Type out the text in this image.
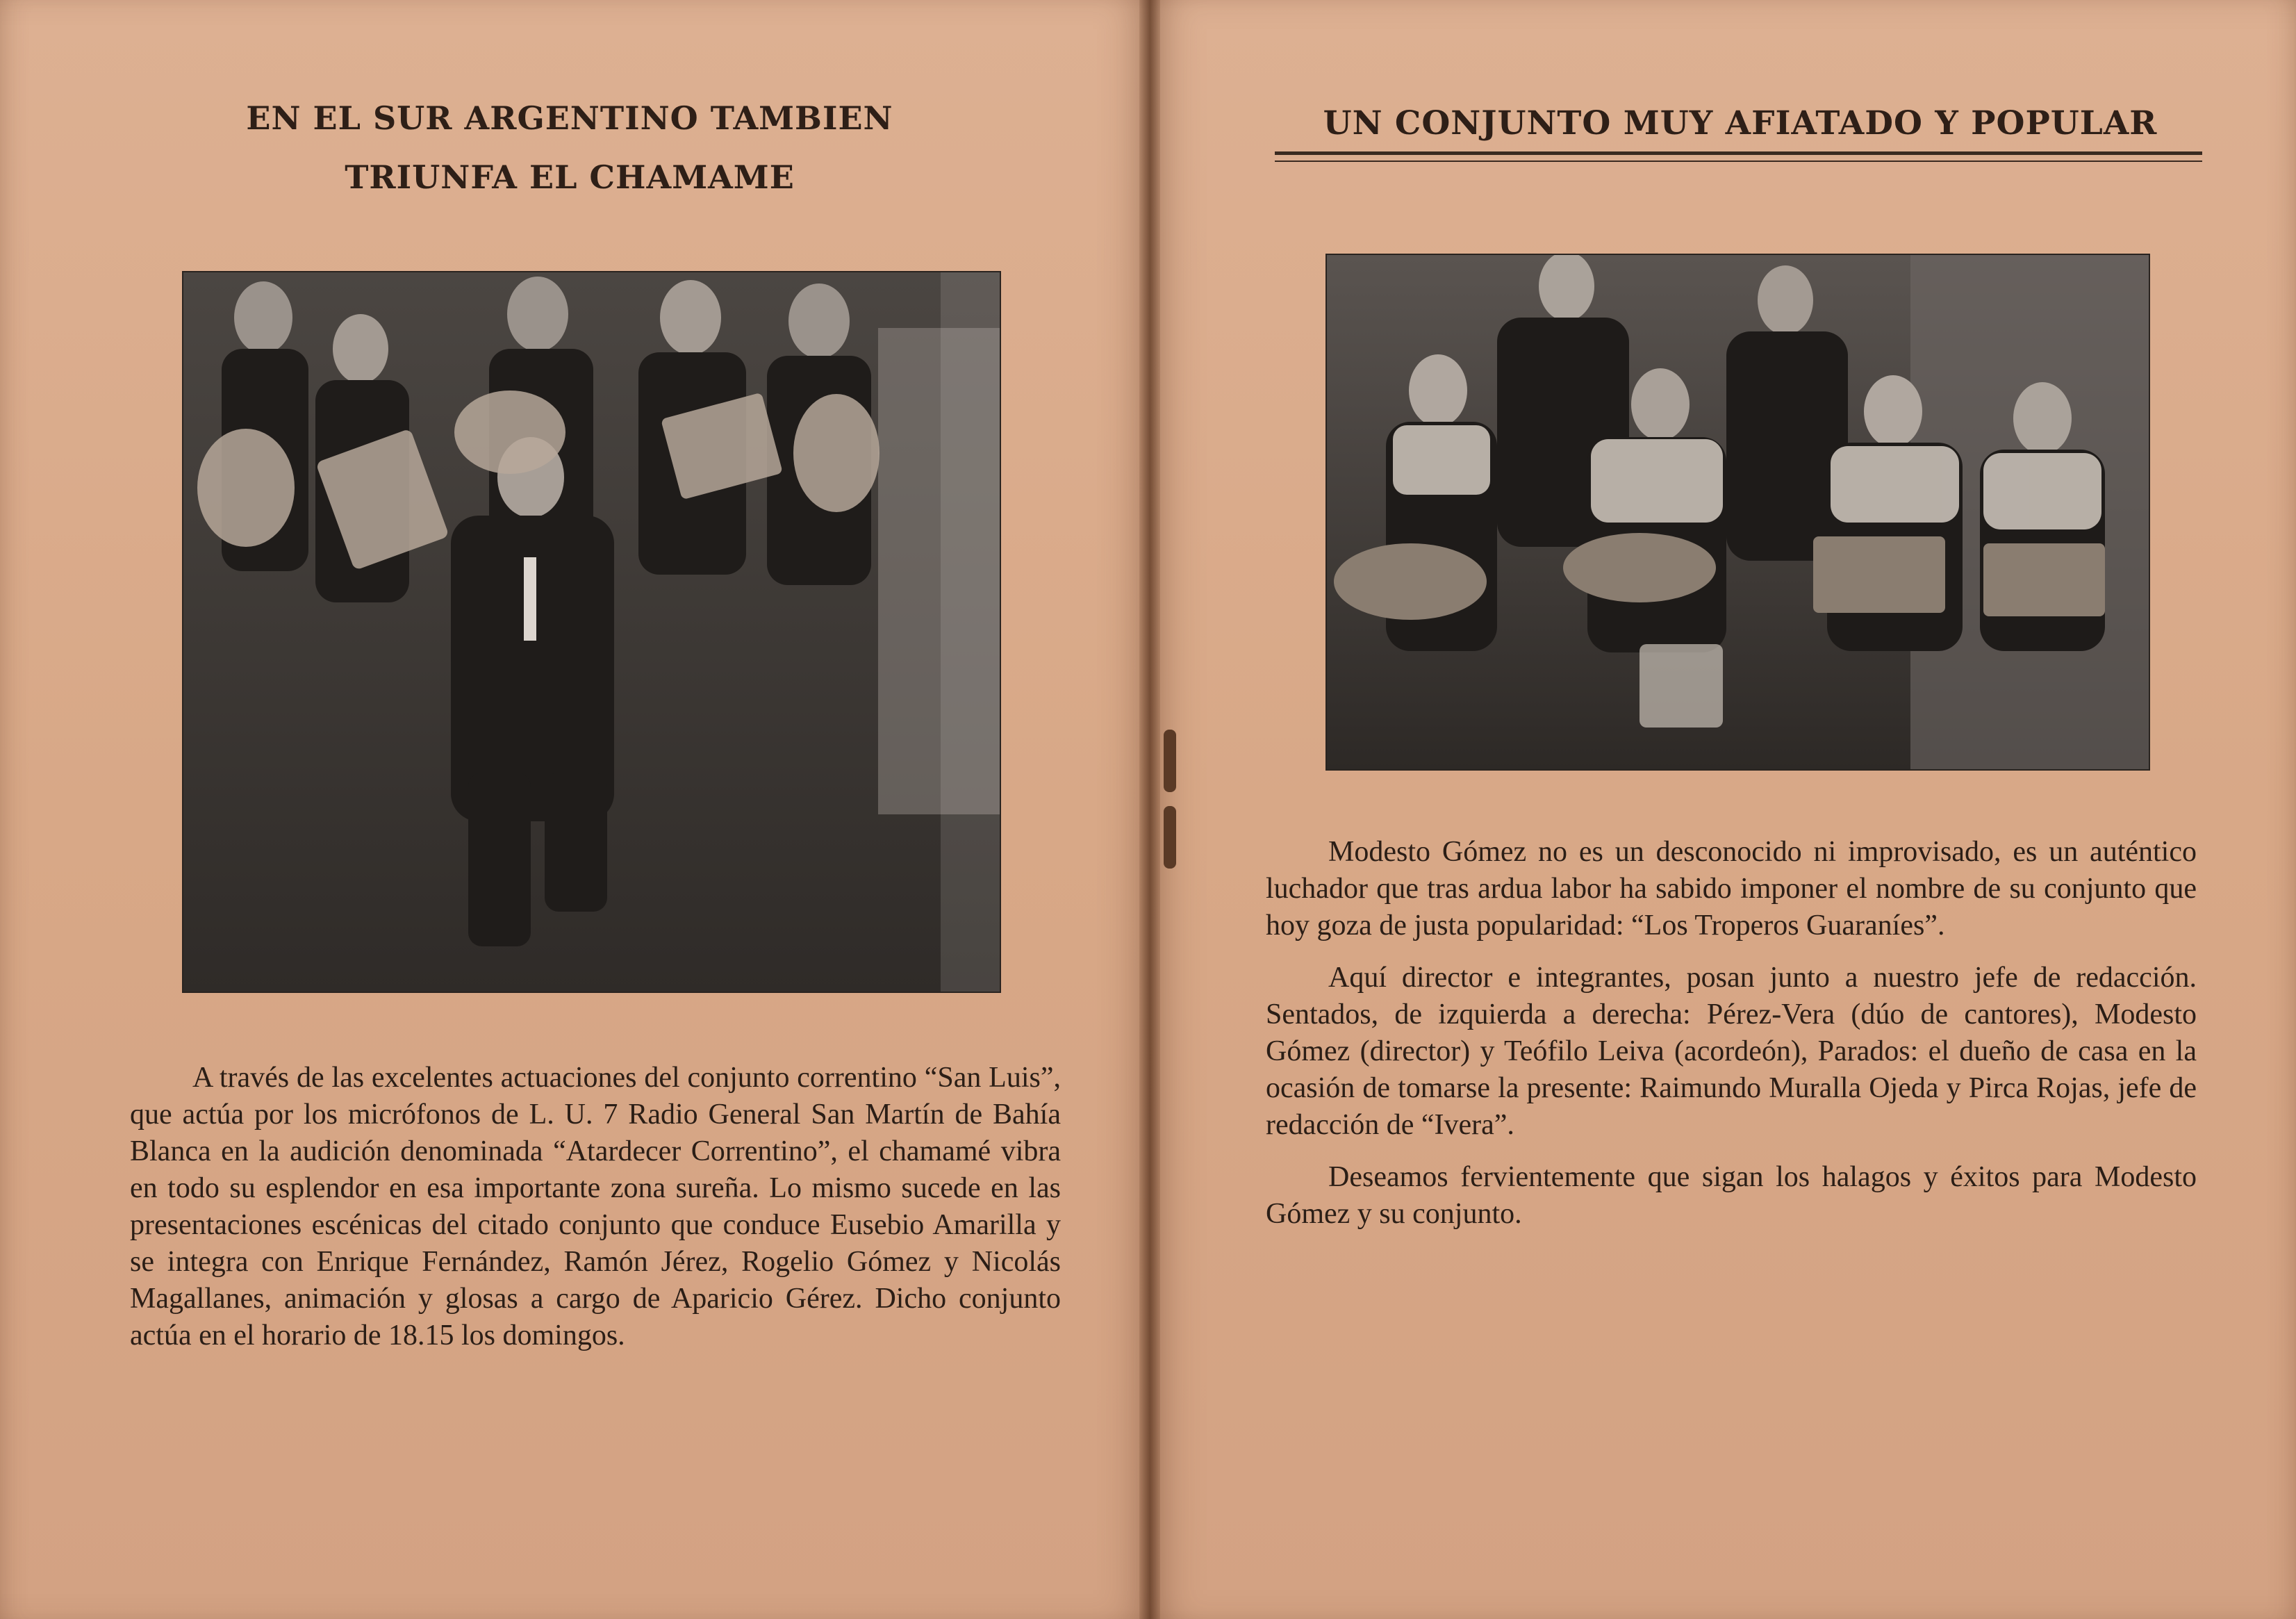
EN EL SUR ARGENTINO TAMBIEN TRIUNFA EL CHAMAME

A través de las excelentes actuaciones del conjunto correntino “San Luis”, que actúa por los micrófonos de L. U. 7 Radio General San Martín de Bahía Blanca en la audición denominada “Atardecer Correntino”, el chamamé vibra en todo su esplendor en esa importante zona sureña. Lo mismo sucede en las presentaciones escénicas del citado conjunto que conduce Eusebio Amarilla y se integra con Enrique Fernández, Ramón Jérez, Rogelio Gómez y Nicolás Magallanes, animación y glosas a cargo de Aparicio Gérez. Dicho conjunto actúa en el horario de 18.15 los domingos.

UN CONJUNTO MUY AFIATADO Y POPULAR

Modesto Gómez no es un desconocido ni improvisado, es un auténtico luchador que tras ardua labor ha sabido imponer el nombre de su conjunto que hoy goza de justa popularidad: “Los Troperos Guaraníes”.

Aquí director e integrantes, posan junto a nuestro jefe de redacción. Sentados, de izquierda a derecha: Pérez-Vera (dúo de cantores), Modesto Gómez (director) y Teófilo Leiva (acordeón), Parados: el dueño de casa en la ocasión de tomarse la presente: Raimundo Muralla Ojeda y Pirca Rojas, jefe de redacción de “Ivera”.

Deseamos fervientemente que sigan los halagos y éxitos para Modesto Gómez y su conjunto.
